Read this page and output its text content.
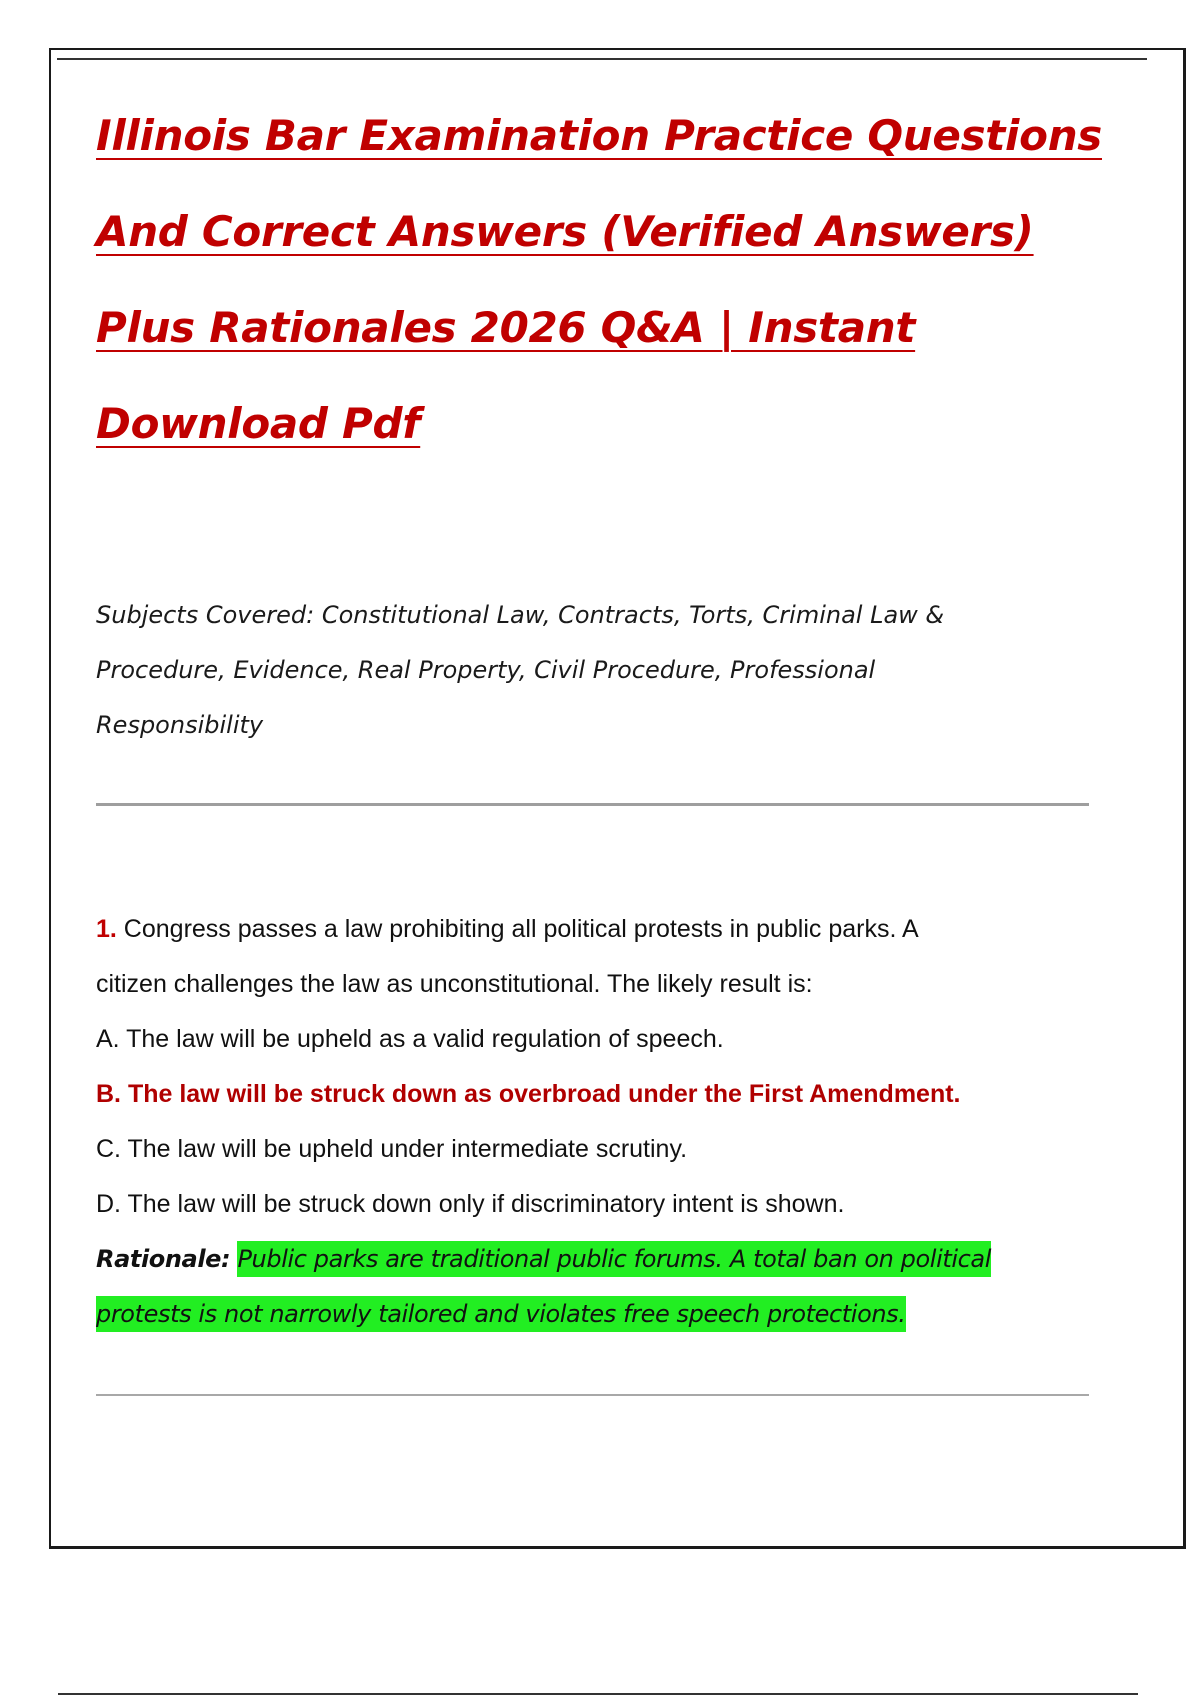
Illinois Bar Examination Practice Questions
And Correct Answers (Verified Answers)
Plus Rationales 2026 Q&A | Instant
Download Pdf
Subjects Covered: Constitutional Law, Contracts, Torts, Criminal Law &
Procedure, Evidence, Real Property, Civil Procedure, Professional
Responsibility
1. Congress passes a law prohibiting all political protests in public parks. A
citizen challenges the law as unconstitutional. The likely result is:
A. The law will be upheld as a valid regulation of speech.
B. The law will be struck down as overbroad under the First Amendment.
C. The law will be upheld under intermediate scrutiny.
D. The law will be struck down only if discriminatory intent is shown.
Rationale: Public parks are traditional public forums. A total ban on political
protests is not narrowly tailored and violates free speech protections.
